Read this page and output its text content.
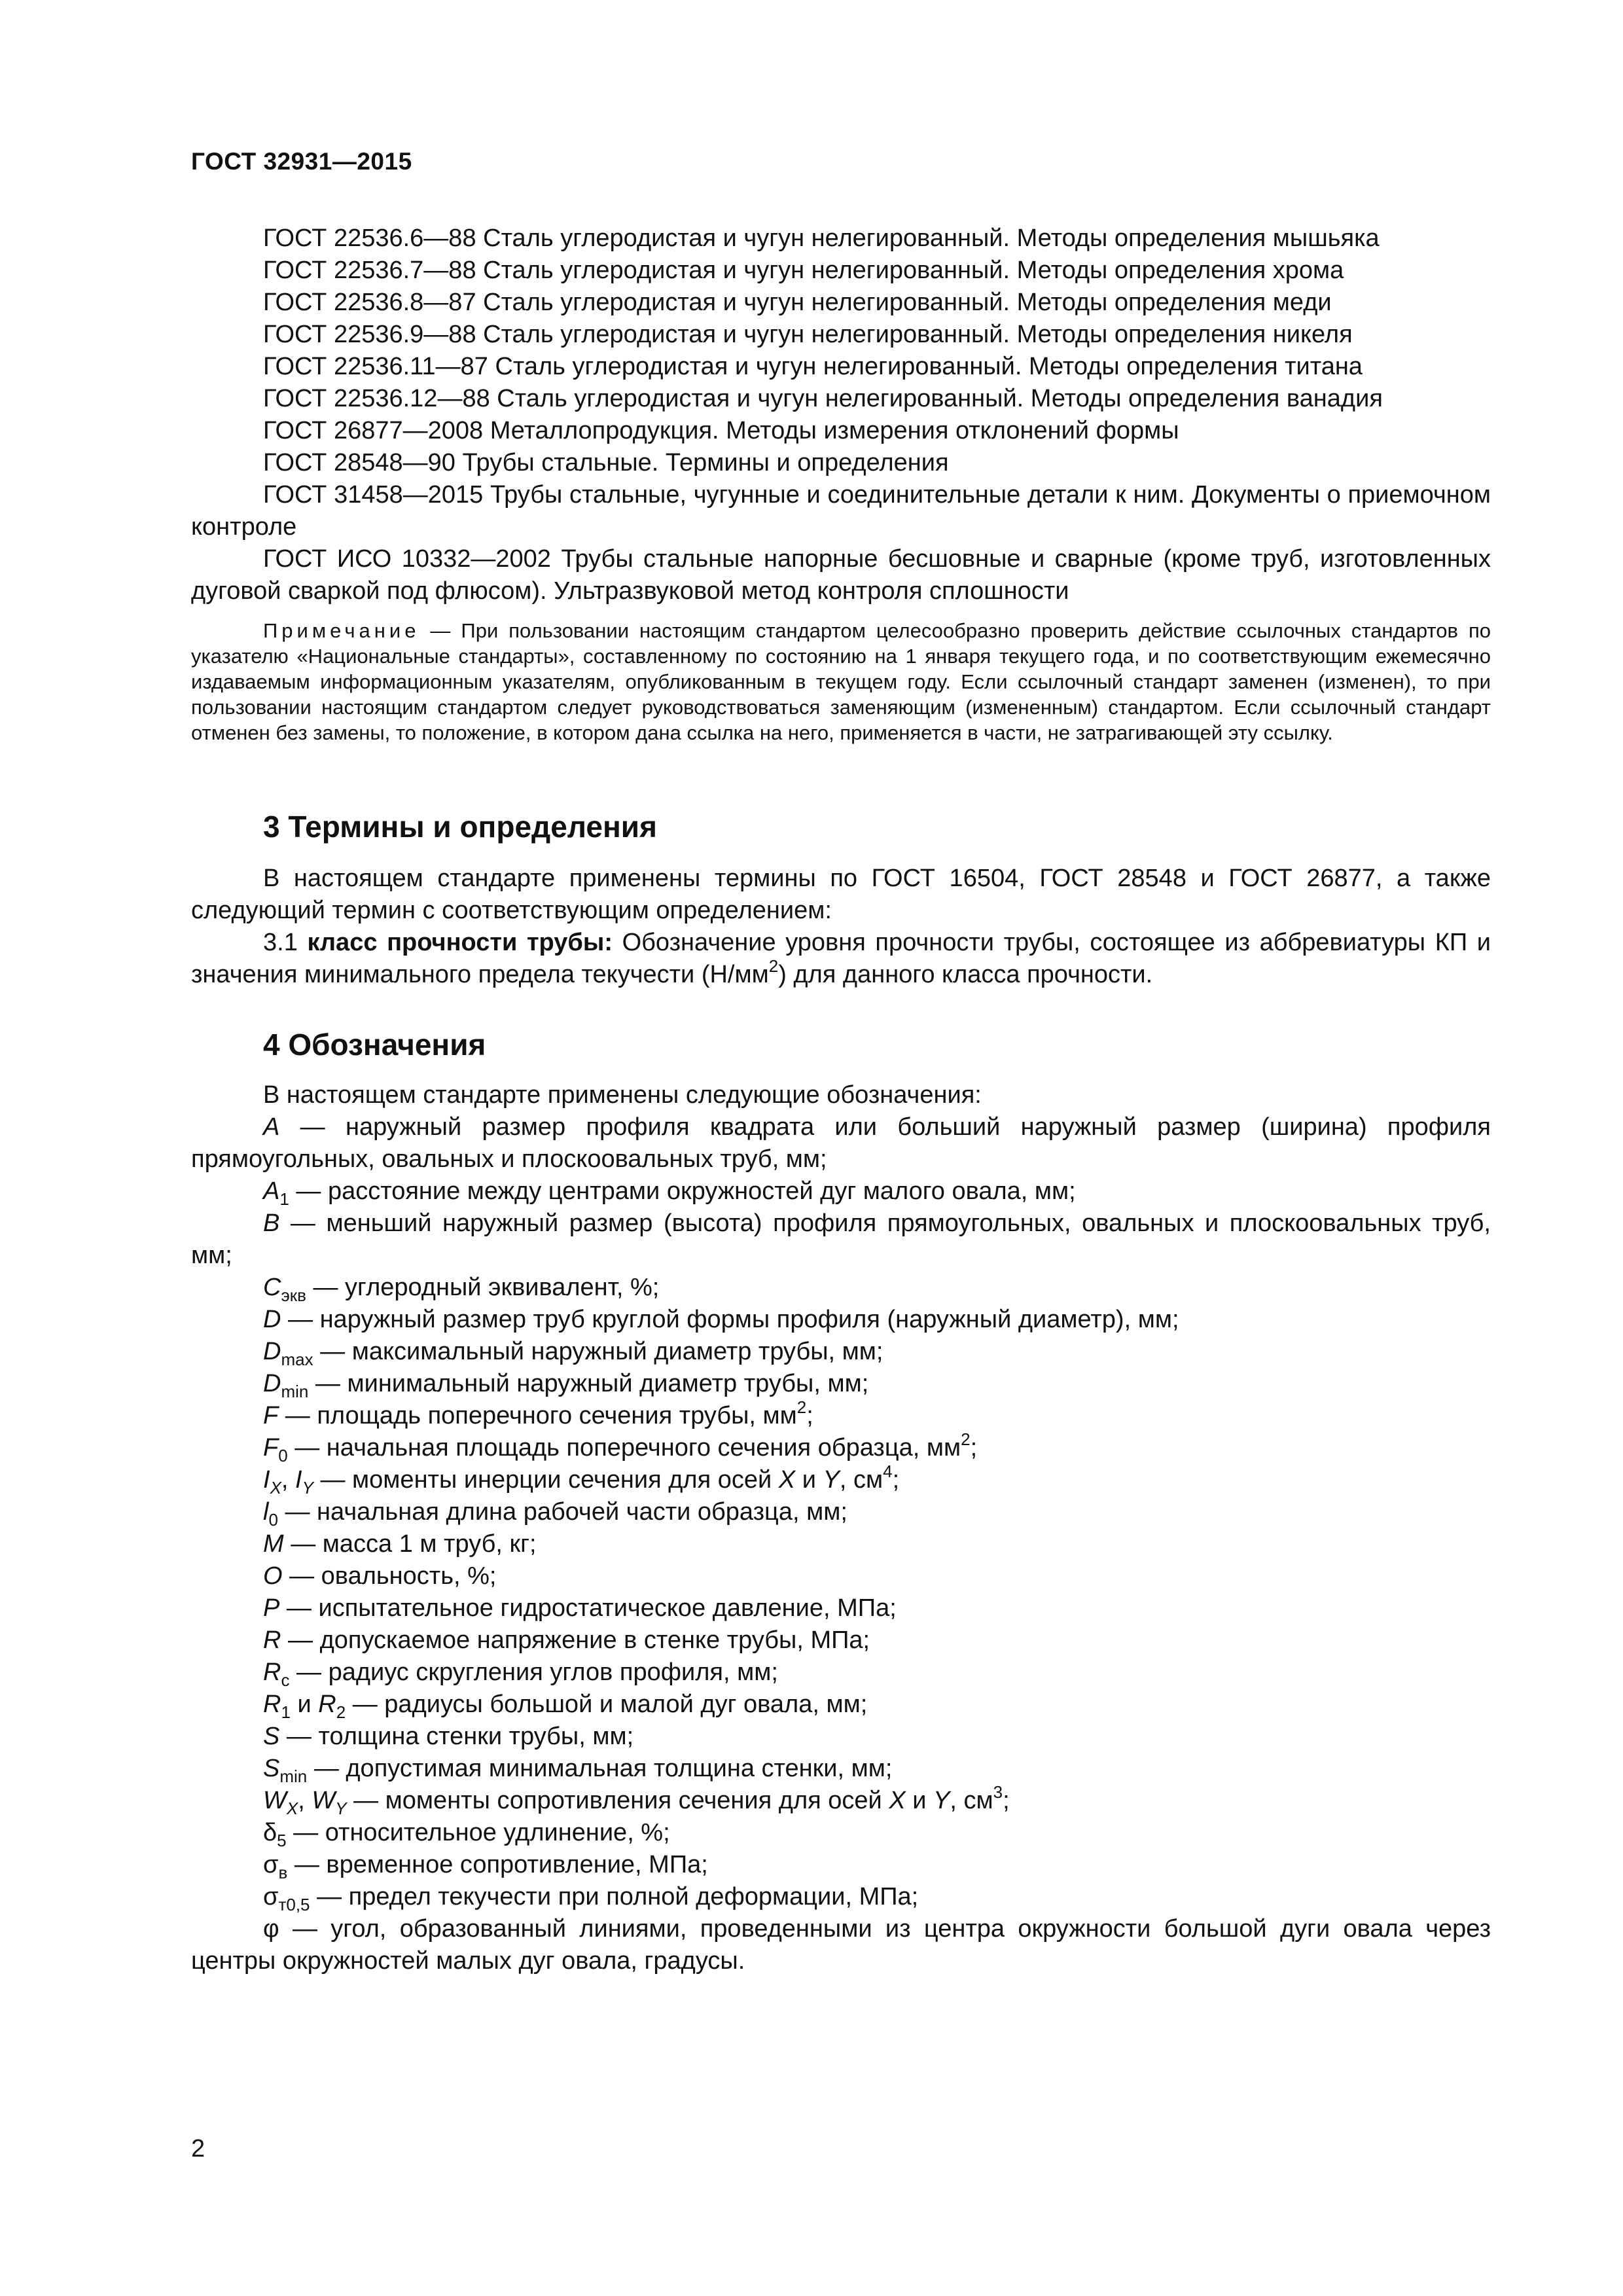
ГОСТ 32931—2015

ГОСТ 22536.6—88 Сталь углеродистая и чугун нелегированный. Методы определения мышьяка

ГОСТ 22536.7—88 Сталь углеродистая и чугун нелегированный. Методы определения хрома

ГОСТ 22536.8—87 Сталь углеродистая и чугун нелегированный. Методы определения меди

ГОСТ 22536.9—88 Сталь углеродистая и чугун нелегированный. Методы определения никеля

ГОСТ 22536.11—87 Сталь углеродистая и чугун нелегированный. Методы определения титана

ГОСТ 22536.12—88 Сталь углеродистая и чугун нелегированный. Методы определения ванадия

ГОСТ 26877—2008 Металлопродукция. Методы измерения отклонений формы

ГОСТ 28548—90 Трубы стальные. Термины и определения

ГОСТ 31458—2015 Трубы стальные, чугунные и соединительные детали к ним. Документы о приемочном контроле

ГОСТ ИСО 10332—2002 Трубы стальные напорные бесшовные и сварные (кроме труб, изготовленных дуговой сваркой под флюсом). Ультразвуковой метод контроля сплошности

Примечание — При пользовании настоящим стандартом целесообразно проверить действие ссылочных стандартов по указателю «Национальные стандарты», составленному по состоянию на 1 января текущего года, и по соответствующим ежемесячно издаваемым информационным указателям, опубликованным в текущем году. Если ссылочный стандарт заменен (изменен), то при пользовании настоящим стандартом следует руководствоваться заменяющим (измененным) стандартом. Если ссылочный стандарт отменен без замены, то положение, в котором дана ссылка на него, применяется в части, не затрагивающей эту ссылку.

3 Термины и определения

В настоящем стандарте применены термины по ГОСТ 16504, ГОСТ 28548 и ГОСТ 26877, а также следующий термин с соответствующим определением:

3.1 класс прочности трубы: Обозначение уровня прочности трубы, состоящее из аббревиатуры КП и значения минимального предела текучести $(Н/мм^2)$ для данного класса прочности.

4 Обозначения

В настоящем стандарте применены следующие обозначения:

A — наружный размер профиля квадрата или больший наружный размер (ширина) профиля прямоугольных, овальных и плоскоовальных труб, мм;

$A_1$ — расстояние между центрами окружностей дуг малого овала, мм;

B — меньший наружный размер (высота) профиля прямоугольных, овальных и плоскоовальных труб, мм;

$C_{экв}$ — углеродный эквивалент, %;

D — наружный размер труб круглой формы профиля (наружный диаметр), мм;

$D_{max}$ — максимальный наружный диаметр трубы, мм;

$D_{min}$ — минимальный наружный диаметр трубы, мм;

F — площадь поперечного сечения трубы, $мм^2$;

$F_0$ — начальная площадь поперечного сечения образца, $мм^2$;

$I_X$, $I_Y$ — моменты инерции сечения для осей X и Y, $см^4$;

$l_0$ — начальная длина рабочей части образца, мм;

M — масса 1 м труб, кг;

O — овальность, %;

P — испытательное гидростатическое давление, МПа;

R — допускаемое напряжение в стенке трубы, МПа;

$R_c$ — радиус скругления углов профиля, мм;

$R_1$ и $R_2$ — радиусы большой и малой дуг овала, мм;

S — толщина стенки трубы, мм;

$S_{min}$ — допустимая минимальная толщина стенки, мм;

$W_X$, $W_Y$ — моменты сопротивления сечения для осей X и Y, $см^3$;

$\delta_5$ — относительное удлинение, %;

$\sigma_в$ — временное сопротивление, МПа;

$\sigma_{т0,5}$ — предел текучести при полной деформации, МПа;

φ — угол, образованный линиями, проведенными из центра окружности большой дуги овала через центры окружностей малых дуг овала, градусы.

2
